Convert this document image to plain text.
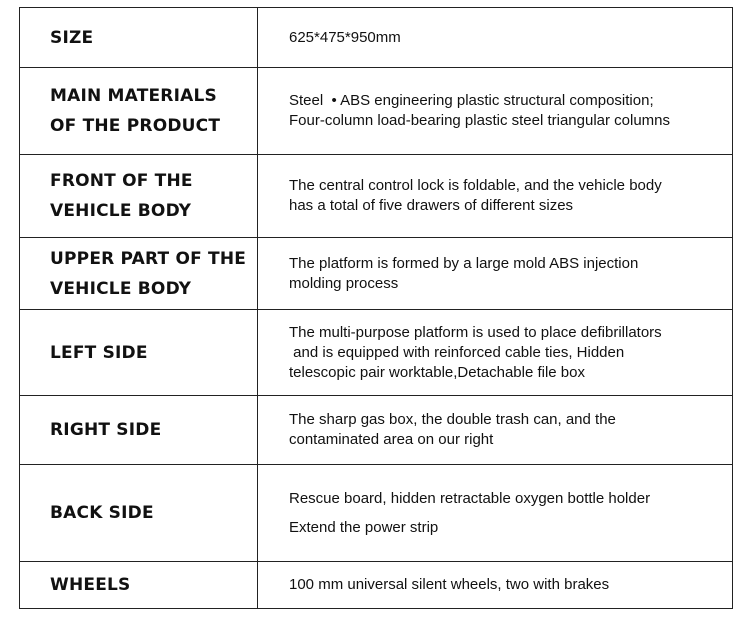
SIZE	625*475*950mm

MAIN MATERIALS
OF THE PRODUCT	Steel  • ABS engineering plastic structural composition;
Four-column load-bearing plastic steel triangular columns

FRONT OF THE
VEHICLE BODY	The central control lock is foldable, and the vehicle body
has a total of five drawers of different sizes

UPPER PART OF THE
VEHICLE BODY	The platform is formed by a large mold ABS injection
molding process

LEFT SIDE	The multi-purpose platform is used to place defibrillators
and is equipped with reinforced cable ties, Hidden
telescopic pair worktable,Detachable file box

RIGHT SIDE	The sharp gas box, the double trash can, and the
contaminated area on our right

BACK SIDE	Rescue board, hidden retractable oxygen bottle holder
Extend the power strip

WHEELS	100 mm universal silent wheels, two with brakes
